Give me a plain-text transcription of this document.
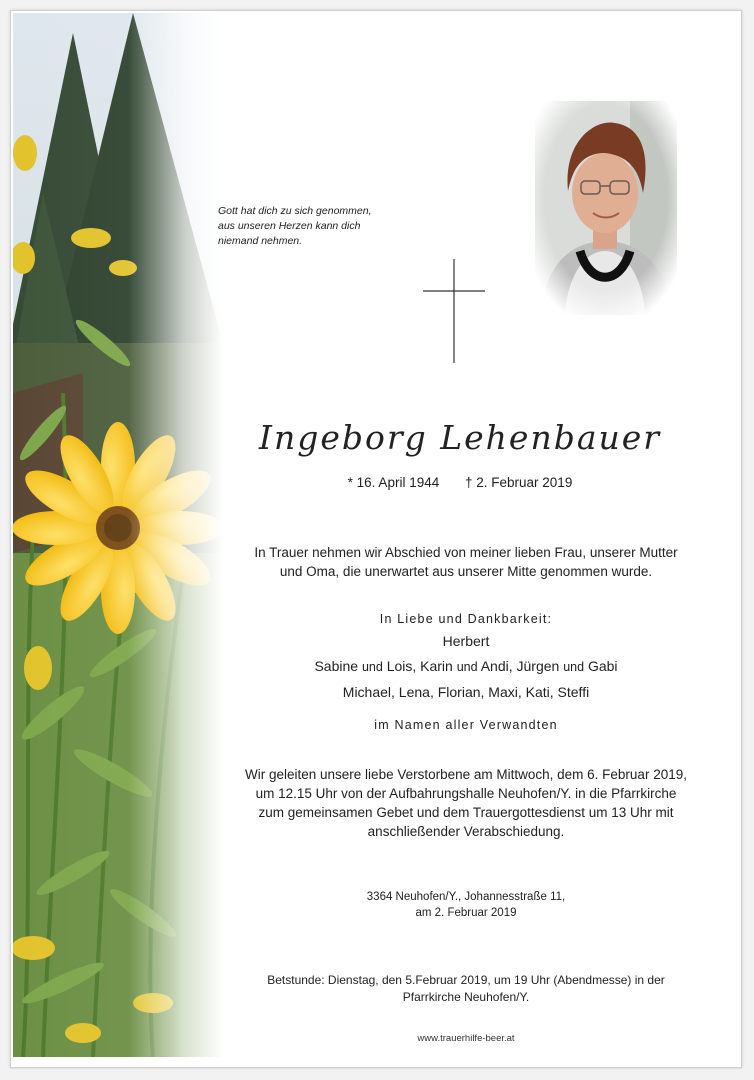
Gott hat dich zu sich genommen,
aus unseren Herzen kann dich
niemand nehmen.
Ingeborg Lehenbauer
* 16. April 1944 † 2. Februar 2019
In Trauer nehmen wir Abschied von meiner lieben Frau, unserer Mutter
und Oma, die unerwartet aus unserer Mitte genommen wurde.
In Liebe und Dankbarkeit:
Herbert
Sabine und Lois, Karin und Andi, Jürgen und Gabi
Michael, Lena, Florian, Maxi, Kati, Steffi
im Namen aller Verwandten
Wir geleiten unsere liebe Verstorbene am Mittwoch, dem 6. Februar 2019,
um 12.15 Uhr von der Aufbahrungshalle Neuhofen/Y. in die Pfarrkirche
zum gemeinsamen Gebet und dem Trauergottesdienst um 13 Uhr mit
anschließender Verabschiedung.
3364 Neuhofen/Y., Johannesstraße 11,
am 2. Februar 2019
Betstunde: Dienstag, den 5.Februar 2019, um 19 Uhr (Abendmesse) in der
Pfarrkirche Neuhofen/Y.
www.trauerhilfe-beer.at
